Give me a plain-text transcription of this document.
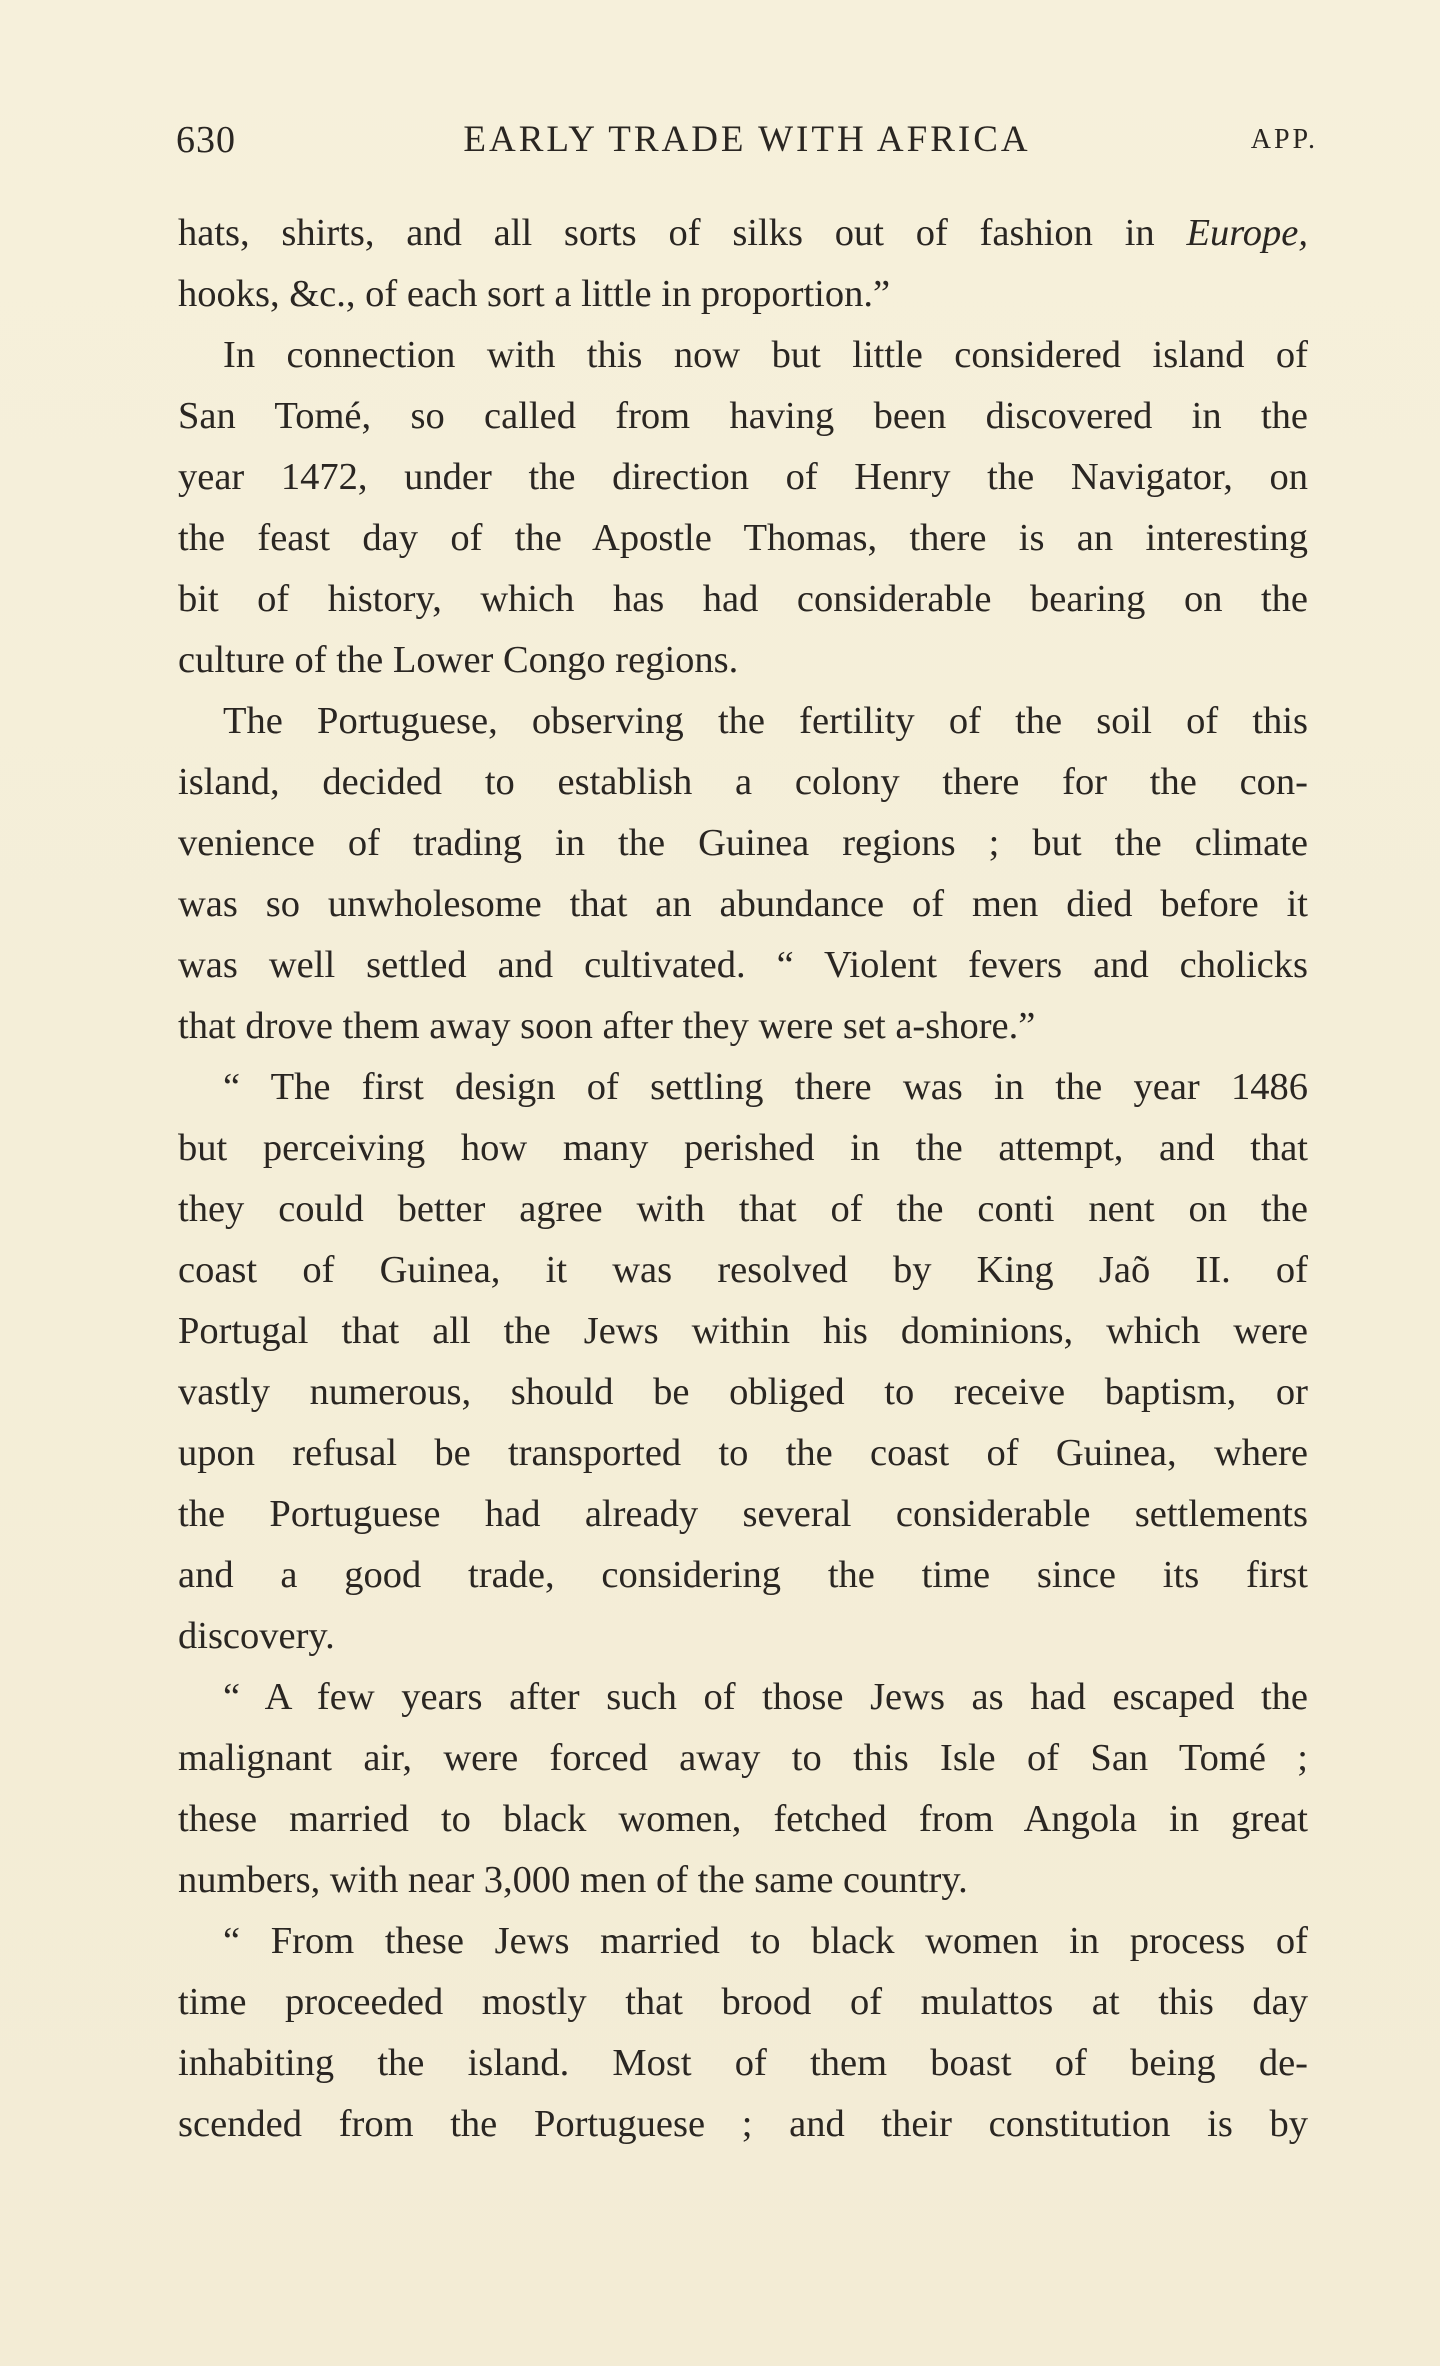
630	EARLY TRADE WITH AFRICA	APP.
hats, shirts, and all sorts of silks out of fashion in Europe,
hooks, &c., of each sort a little in proportion.”
In connection with this now but little considered island of
San Tomé, so called from having been discovered in the
year 1472, under the direction of Henry the Navigator, on
the feast day of the Apostle Thomas, there is an interesting
bit of history, which has had considerable bearing on the
culture of the Lower Congo regions.
The Portuguese, observing the fertility of the soil of this
island, decided to establish a colony there for the con-
venience of trading in the Guinea regions ; but the climate
was so unwholesome that an abundance of men died before it
was well settled and cultivated. “ Violent fevers and cholicks
that drove them away soon after they were set a-shore.”
“ The first design of settling there was in the year 1486
but perceiving how many perished in the attempt, and that
they could better agree with that of the conti nent on the
coast of Guinea, it was resolved by King Jaõ II. of
Portugal that all the Jews within his dominions, which were
vastly numerous, should be obliged to receive baptism, or
upon refusal be transported to the coast of Guinea, where
the Portuguese had already several considerable settlements
and a good trade, considering the time since its first
discovery.
“ A few years after such of those Jews as had escaped the
malignant air, were forced away to this Isle of San Tomé ;
these married to black women, fetched from Angola in great
numbers, with near 3,000 men of the same country.
“ From these Jews married to black women in process of
time proceeded mostly that brood of mulattos at this day
inhabiting the island. Most of them boast of being de-
scended from the Portuguese ; and their constitution is by
